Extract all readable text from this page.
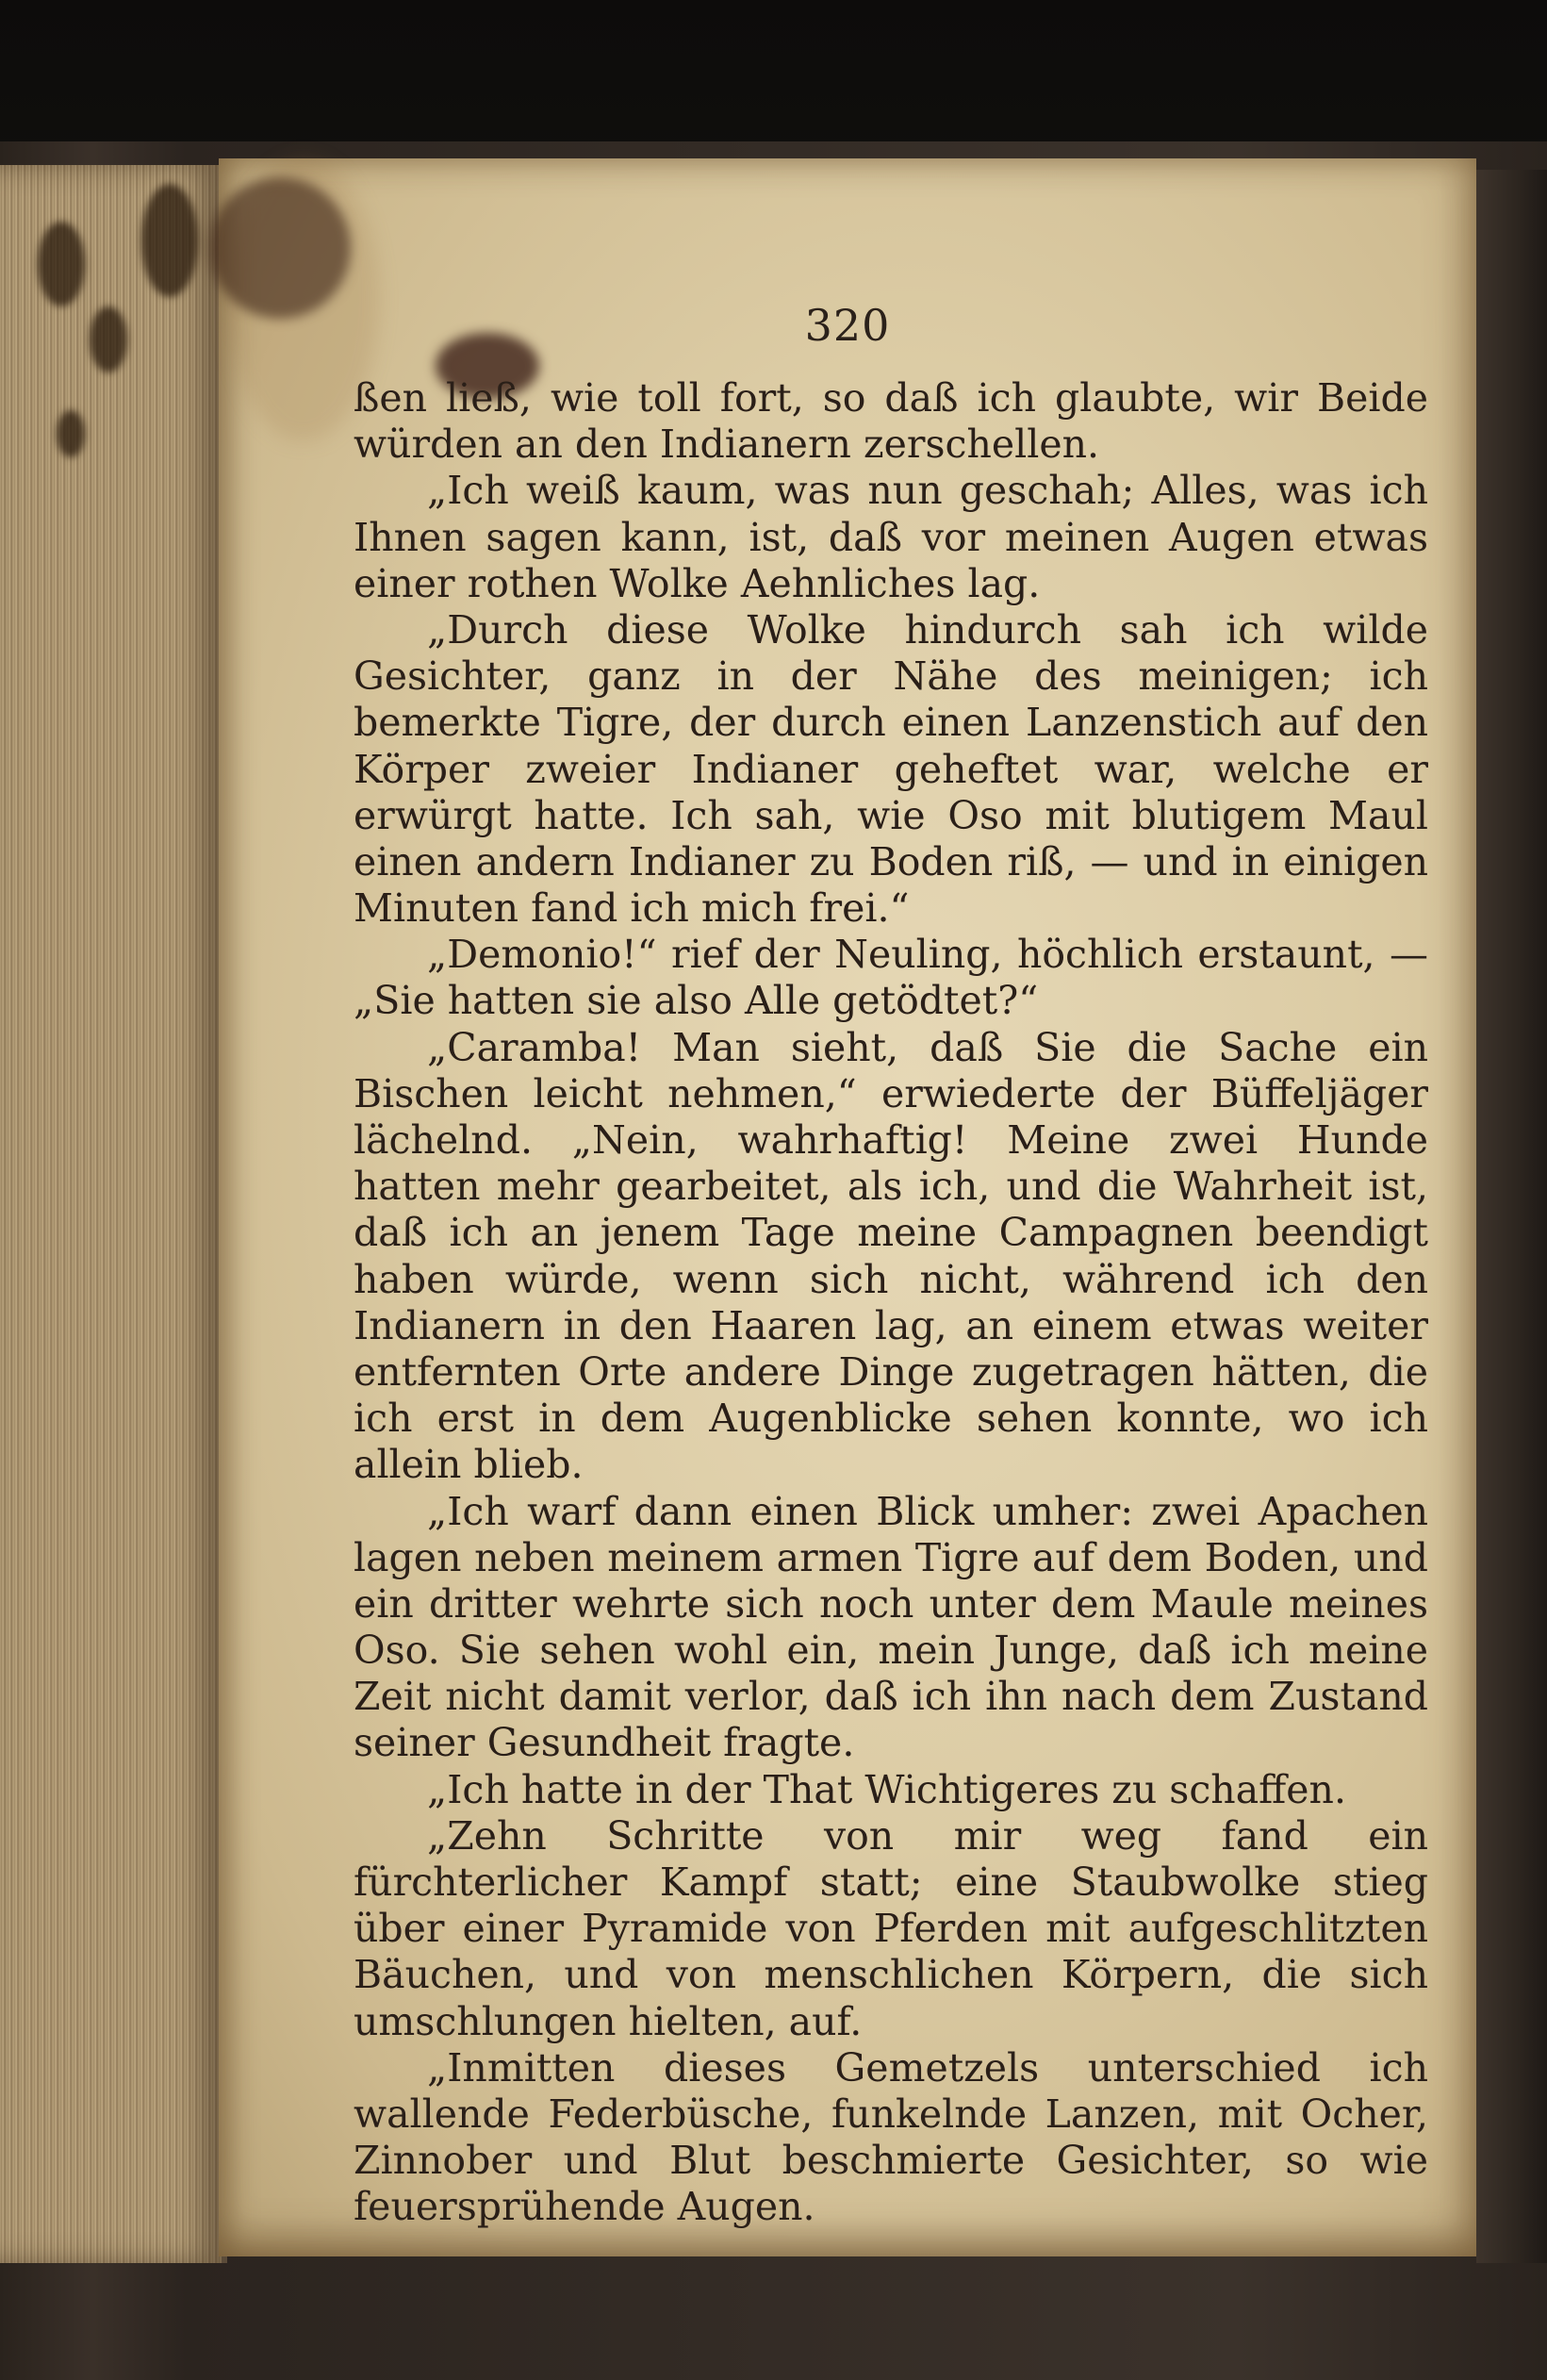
320

ßen ließ, wie toll fort, so daß ich glaubte, wir Beide würden an den Indianern zerschellen.

„Ich weiß kaum, was nun geschah; Alles, was ich Ihnen sagen kann, ist, daß vor meinen Augen etwas einer rothen Wolke Aehnliches lag.

„Durch diese Wolke hindurch sah ich wilde Gesichter, ganz in der Nähe des meinigen; ich bemerkte Tigre, der durch einen Lanzenstich auf den Körper zweier Indianer geheftet war, welche er erwürgt hatte. Ich sah, wie Oso mit blutigem Maul einen andern Indianer zu Boden riß, — und in einigen Minuten fand ich mich frei.“

„Demonio!“ rief der Neuling, höchlich erstaunt, — „Sie hatten sie also Alle getödtet?“

„Caramba! Man sieht, daß Sie die Sache ein Bischen leicht nehmen,“ erwiederte der Büffeljäger lächelnd. „Nein, wahrhaftig! Meine zwei Hunde hatten mehr gearbeitet, als ich, und die Wahrheit ist, daß ich an jenem Tage meine Campagnen beendigt haben würde, wenn sich nicht, während ich den Indianern in den Haaren lag, an einem etwas weiter entfernten Orte andere Dinge zugetragen hätten, die ich erst in dem Augenblicke sehen konnte, wo ich allein blieb.

„Ich warf dann einen Blick umher: zwei Apachen lagen neben meinem armen Tigre auf dem Boden, und ein dritter wehrte sich noch unter dem Maule meines Oso. Sie sehen wohl ein, mein Junge, daß ich meine Zeit nicht damit verlor, daß ich ihn nach dem Zustand seiner Gesundheit fragte.

„Ich hatte in der That Wichtigeres zu schaffen.

„Zehn Schritte von mir weg fand ein fürchterlicher Kampf statt; eine Staubwolke stieg über einer Pyramide von Pferden mit aufgeschlitzten Bäuchen, und von menschlichen Körpern, die sich umschlungen hielten, auf.

„Inmitten dieses Gemetzels unterschied ich wallende Federbüsche, funkelnde Lanzen, mit Ocher, Zinnober und Blut beschmierte Gesichter, so wie feuersprühende Augen.
